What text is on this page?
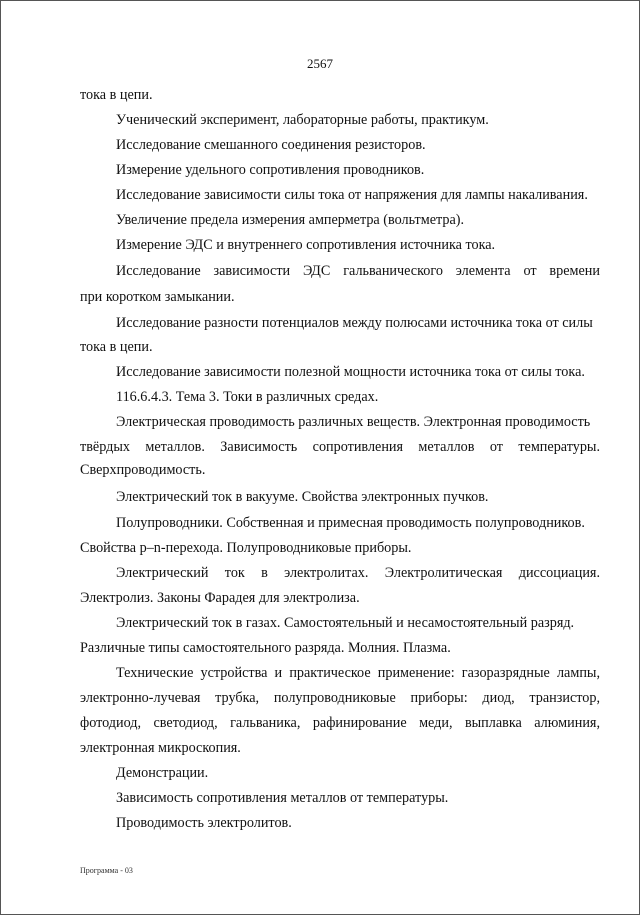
2567
тока в цепи.
Ученический эксперимент, лабораторные работы, практикум.
Исследование смешанного соединения резисторов.
Измерение удельного сопротивления проводников.
Исследование зависимости силы тока от напряжения для лампы накаливания.
Увеличение предела измерения амперметра (вольтметра).
Измерение ЭДС и внутреннего сопротивления источника тока.
Исследование зависимости ЭДС гальванического элемента от времени
при коротком замыкании.
Исследование разности потенциалов между полюсами источника тока от силы
тока в цепи.
Исследование зависимости полезной мощности источника тока от силы тока.
116.6.4.3. Тема 3. Токи в различных средах.
Электрическая проводимость различных веществ. Электронная проводимость
твёрдых металлов. Зависимость сопротивления металлов от температуры.
Сверхпроводимость.
Электрический ток в вакууме. Свойства электронных пучков.
Полупроводники. Собственная и примесная проводимость полупроводников.
Свойства p–n-перехода. Полупроводниковые приборы.
Электрический ток в электролитах. Электролитическая диссоциация.
Электролиз. Законы Фарадея для электролиза.
Электрический ток в газах. Самостоятельный и несамостоятельный разряд.
Различные типы самостоятельного разряда. Молния. Плазма.
Технические устройства и практическое применение: газоразрядные лампы,
электронно-лучевая трубка, полупроводниковые приборы: диод, транзистор,
фотодиод, светодиод, гальваника, рафинирование меди, выплавка алюминия,
электронная микроскопия.
Демонстрации.
Зависимость сопротивления металлов от температуры.
Проводимость электролитов.
Программа - 03
